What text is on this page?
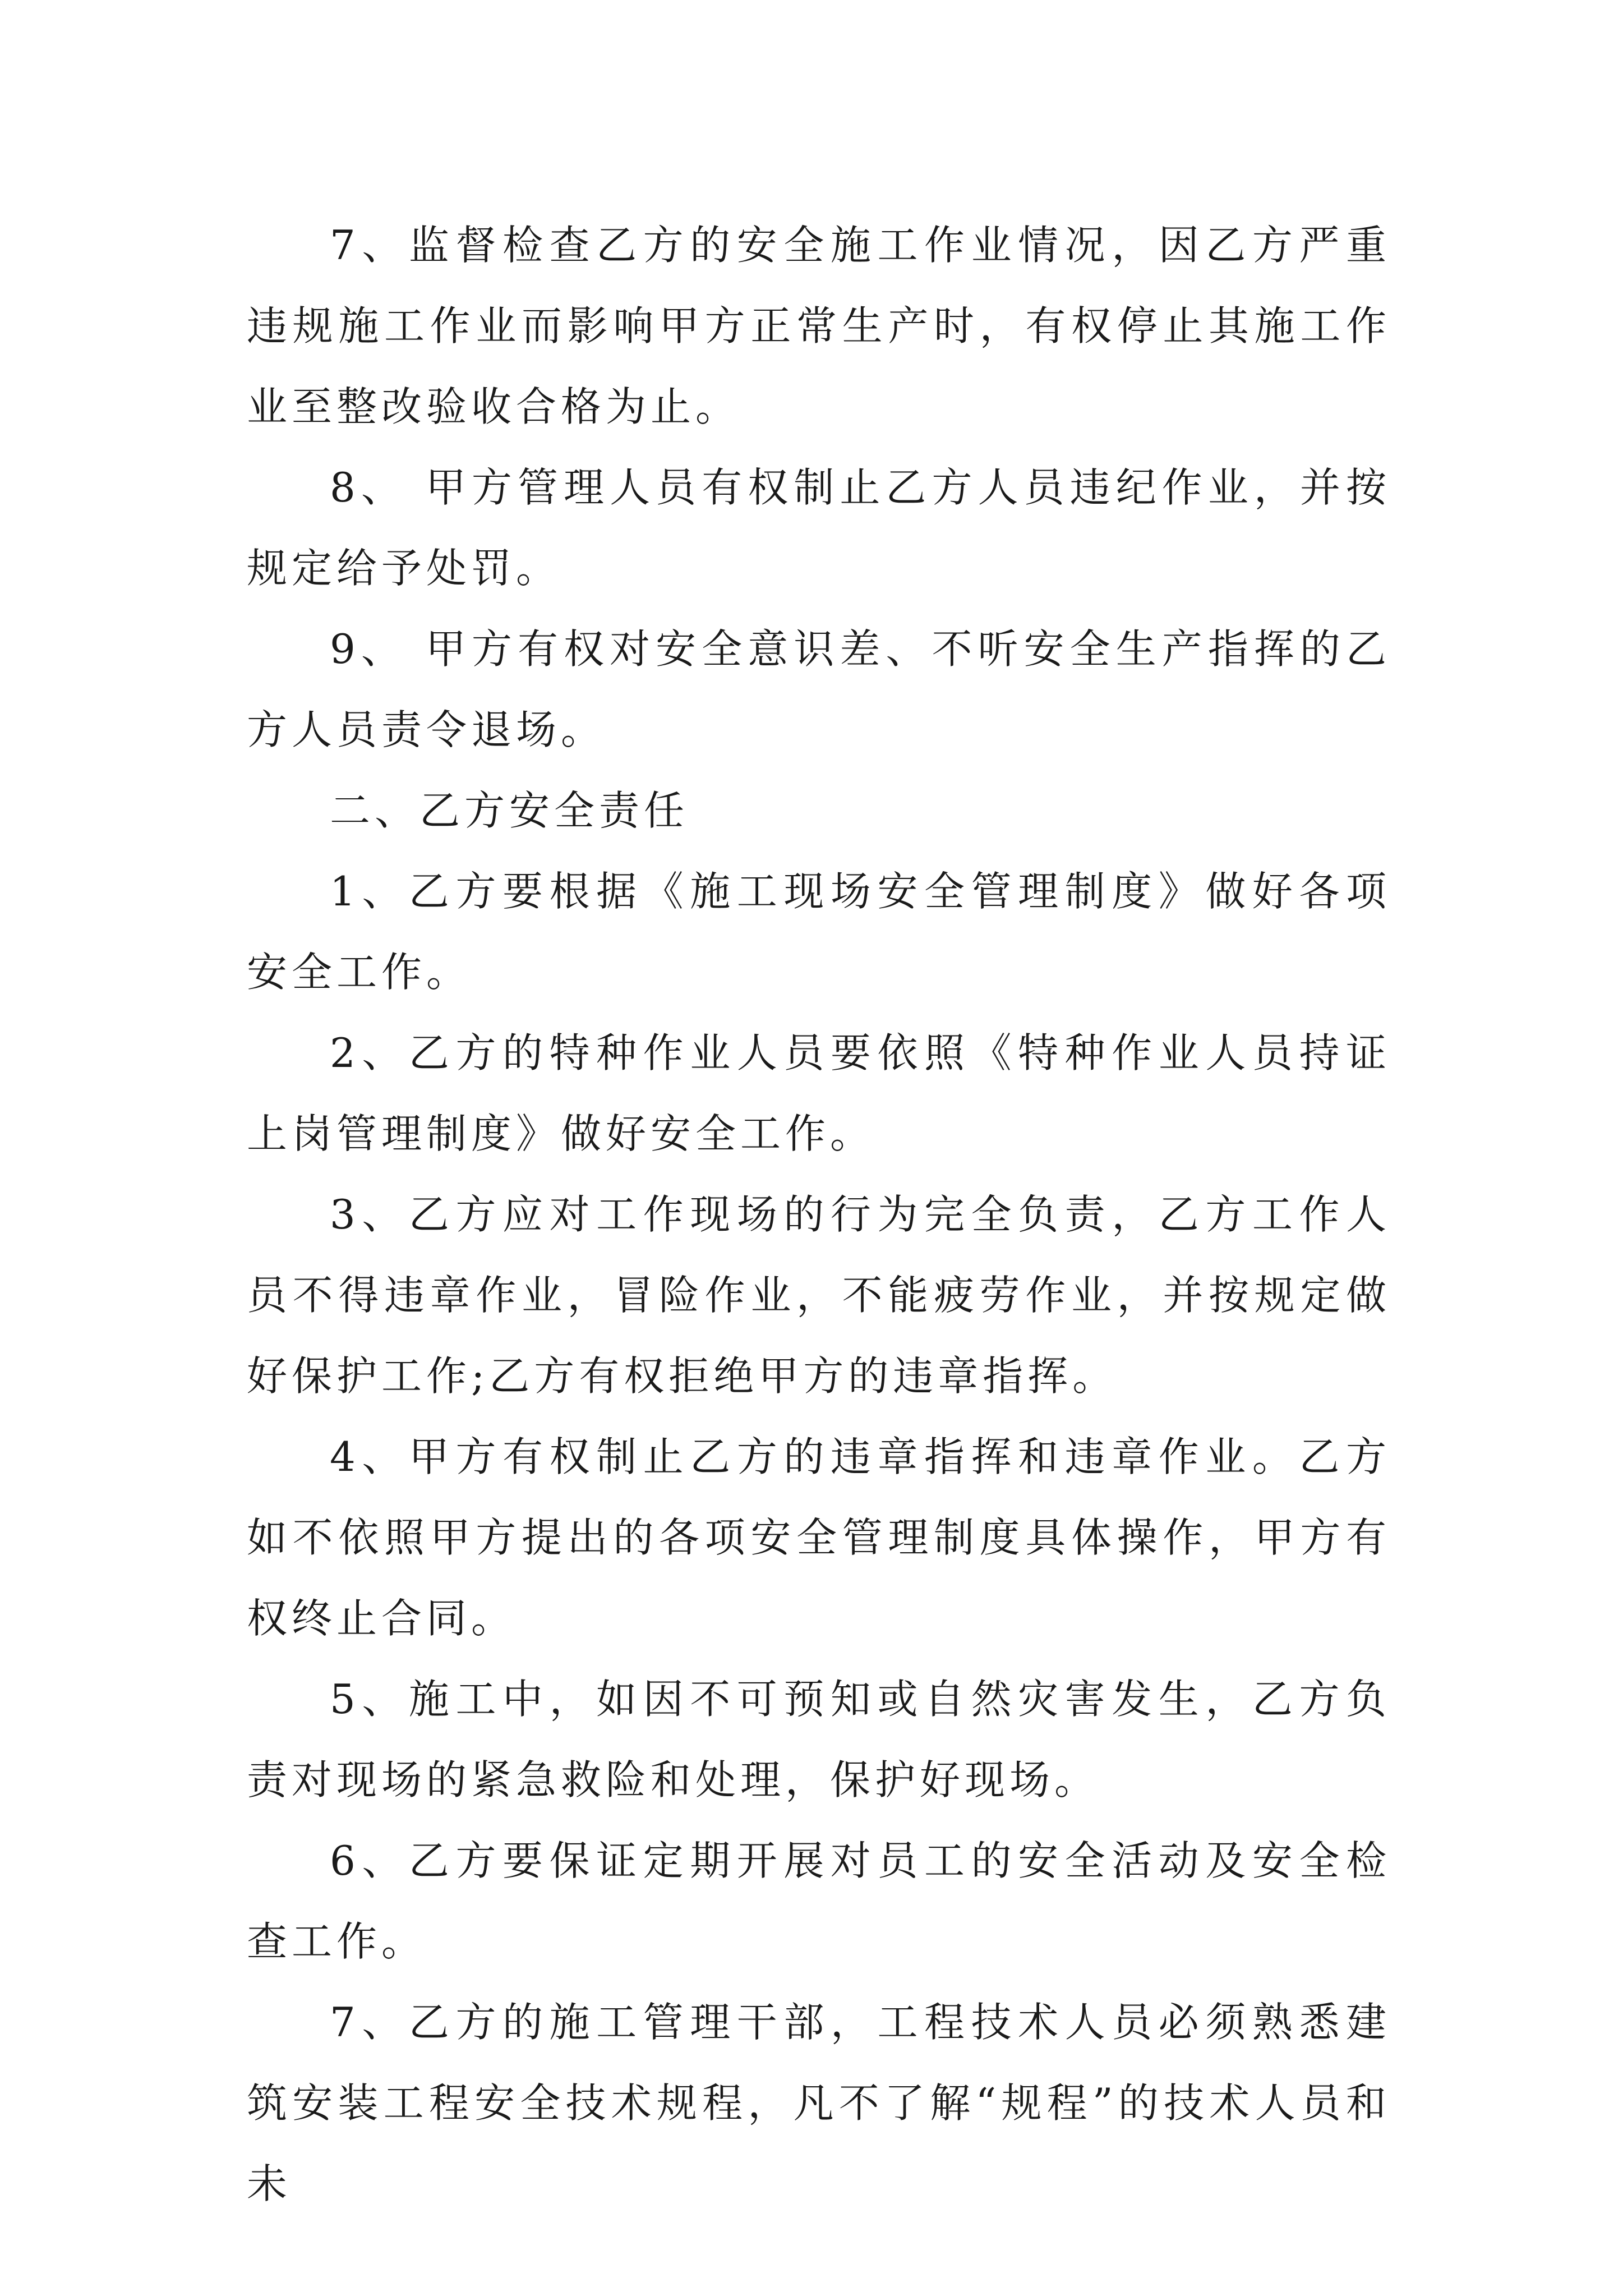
7、监督检查乙方的安全施工作业情况，因乙方严重违规施工作业而影响甲方正常生产时，有权停止其施工作业至整改验收合格为止。

8、 甲方管理人员有权制止乙方人员违纪作业，并按规定给予处罚。

9、 甲方有权对安全意识差、不听安全生产指挥的乙方人员责令退场。

二、乙方安全责任

1、乙方要根据《施工现场安全管理制度》做好各项安全工作。

2、乙方的特种作业人员要依照《特种作业人员持证上岗管理制度》做好安全工作。

3、乙方应对工作现场的行为完全负责，乙方工作人员不得违章作业，冒险作业，不能疲劳作业，并按规定做好保护工作;乙方有权拒绝甲方的违章指挥。

4、甲方有权制止乙方的违章指挥和违章作业。乙方如不依照甲方提出的各项安全管理制度具体操作，甲方有权终止合同。

5、施工中，如因不可预知或自然灾害发生，乙方负责对现场的紧急救险和处理，保护好现场。

6、乙方要保证定期开展对员工的安全活动及安全检查工作。

7、乙方的施工管理干部，工程技术人员必须熟悉建筑安装工程安全技术规程，凡不了解“规程”的技术人员和未
